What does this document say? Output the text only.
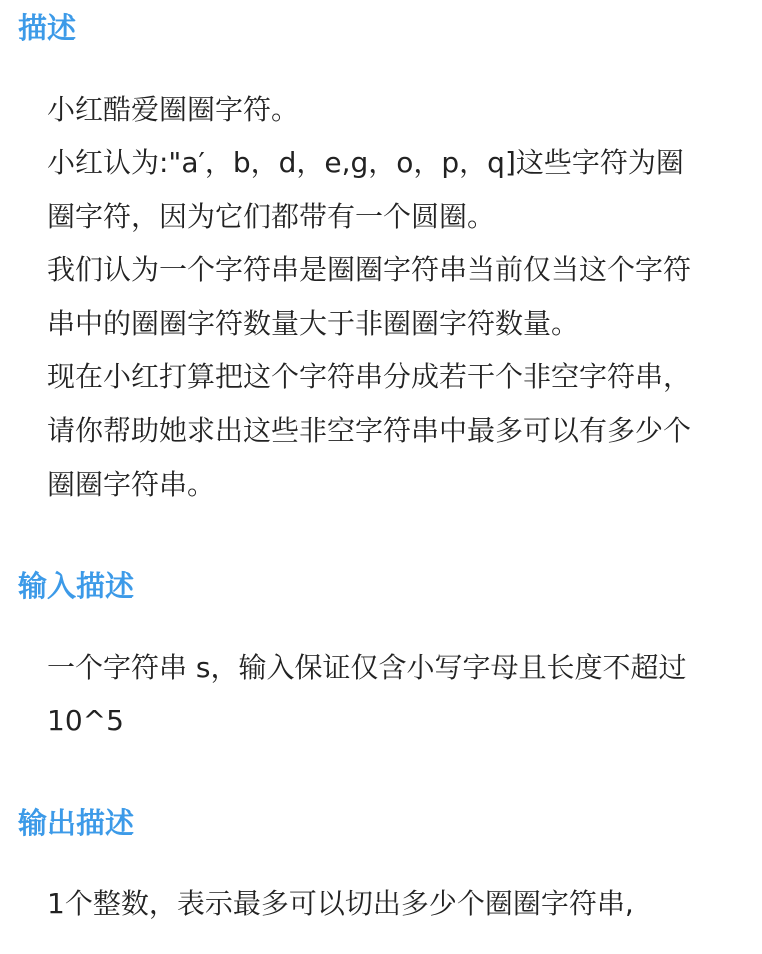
描述

小红酷爱圈圈字符。

小红认为:"a′，b，d，e,g，o，p，q]这些字符为圈

圈字符，因为它们都带有一个圆圈。

我们认为一个字符串是圈圈字符串当前仅当这个字符

串中的圈圈字符数量大于非圈圈字符数量。

现在小红打算把这个字符串分成若干个非空字符串，

请你帮助她求出这些非空字符串中最多可以有多少个

圈圈字符串。

输入描述

一个字符串 s，输入保证仅含小写字母且长度不超过

10^5

输出描述

1个整数，表示最多可以切出多少个圈圈字符串,
